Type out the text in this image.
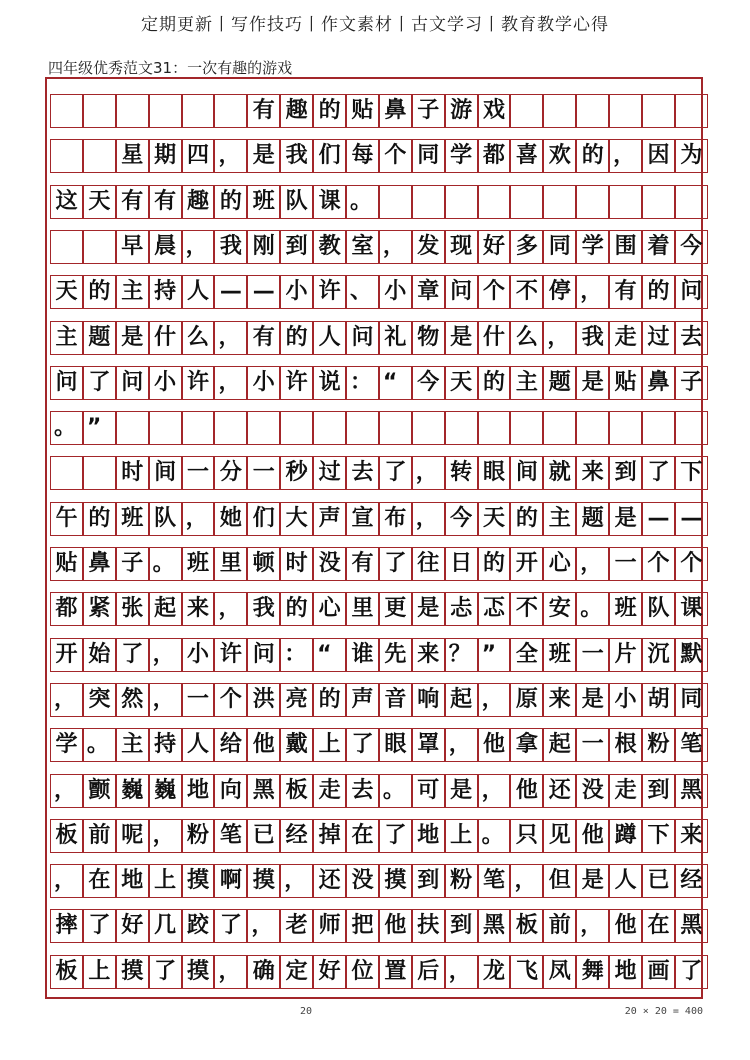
定期更新丨写作技巧丨作文素材丨古文学习丨教育教学心得
四年级优秀范文31：一次有趣的游戏
有 趣 的 贴 鼻 子 游 戏
星 期 四 ， 是 我 们 每 个 同 学 都 喜 欢 的 ， 因 为
这 天 有 有 趣 的 班 队 课 。
早 晨 ， 我 刚 到 教 室 ， 发 现 好 多 同 学 围 着 今
天 的 主 持 人 — — 小 许 、 小 章 问 个 不 停 ， 有 的 问
主 题 是 什 么 ， 有 的 人 问 礼 物 是 什 么 ， 我 走 过 去
问 了 问 小 许 ， 小 许 说 ： “ 今 天 的 主 题 是 贴 鼻 子
。 ”
时 间 一 分 一 秒 过 去 了 ， 转 眼 间 就 来 到 了 下
午 的 班 队 ， 她 们 大 声 宣 布 ， 今 天 的 主 题 是 — —
贴 鼻 子 。 班 里 顿 时 没 有 了 往 日 的 开 心 ， 一 个 个
都 紧 张 起 来 ， 我 的 心 里 更 是 忐 忑 不 安 。 班 队 课
开 始 了 ， 小 许 问 ： “ 谁 先 来 ？ ” 全 班 一 片 沉 默
， 突 然 ， 一 个 洪 亮 的 声 音 响 起 ， 原 来 是 小 胡 同
学 。 主 持 人 给 他 戴 上 了 眼 罩 ， 他 拿 起 一 根 粉 笔
， 颤 巍 巍 地 向 黑 板 走 去 。 可 是 ， 他 还 没 走 到 黑
板 前 呢 ， 粉 笔 已 经 掉 在 了 地 上 。 只 见 他 蹲 下 来
， 在 地 上 摸 啊 摸 ， 还 没 摸 到 粉 笔 ， 但 是 人 已 经
摔 了 好 几 跤 了 ， 老 师 把 他 扶 到 黑 板 前 ， 他 在 黑
板 上 摸 了 摸 ， 确 定 好 位 置 后 ， 龙 飞 凤 舞 地 画 了
20	20 × 20 = 400
